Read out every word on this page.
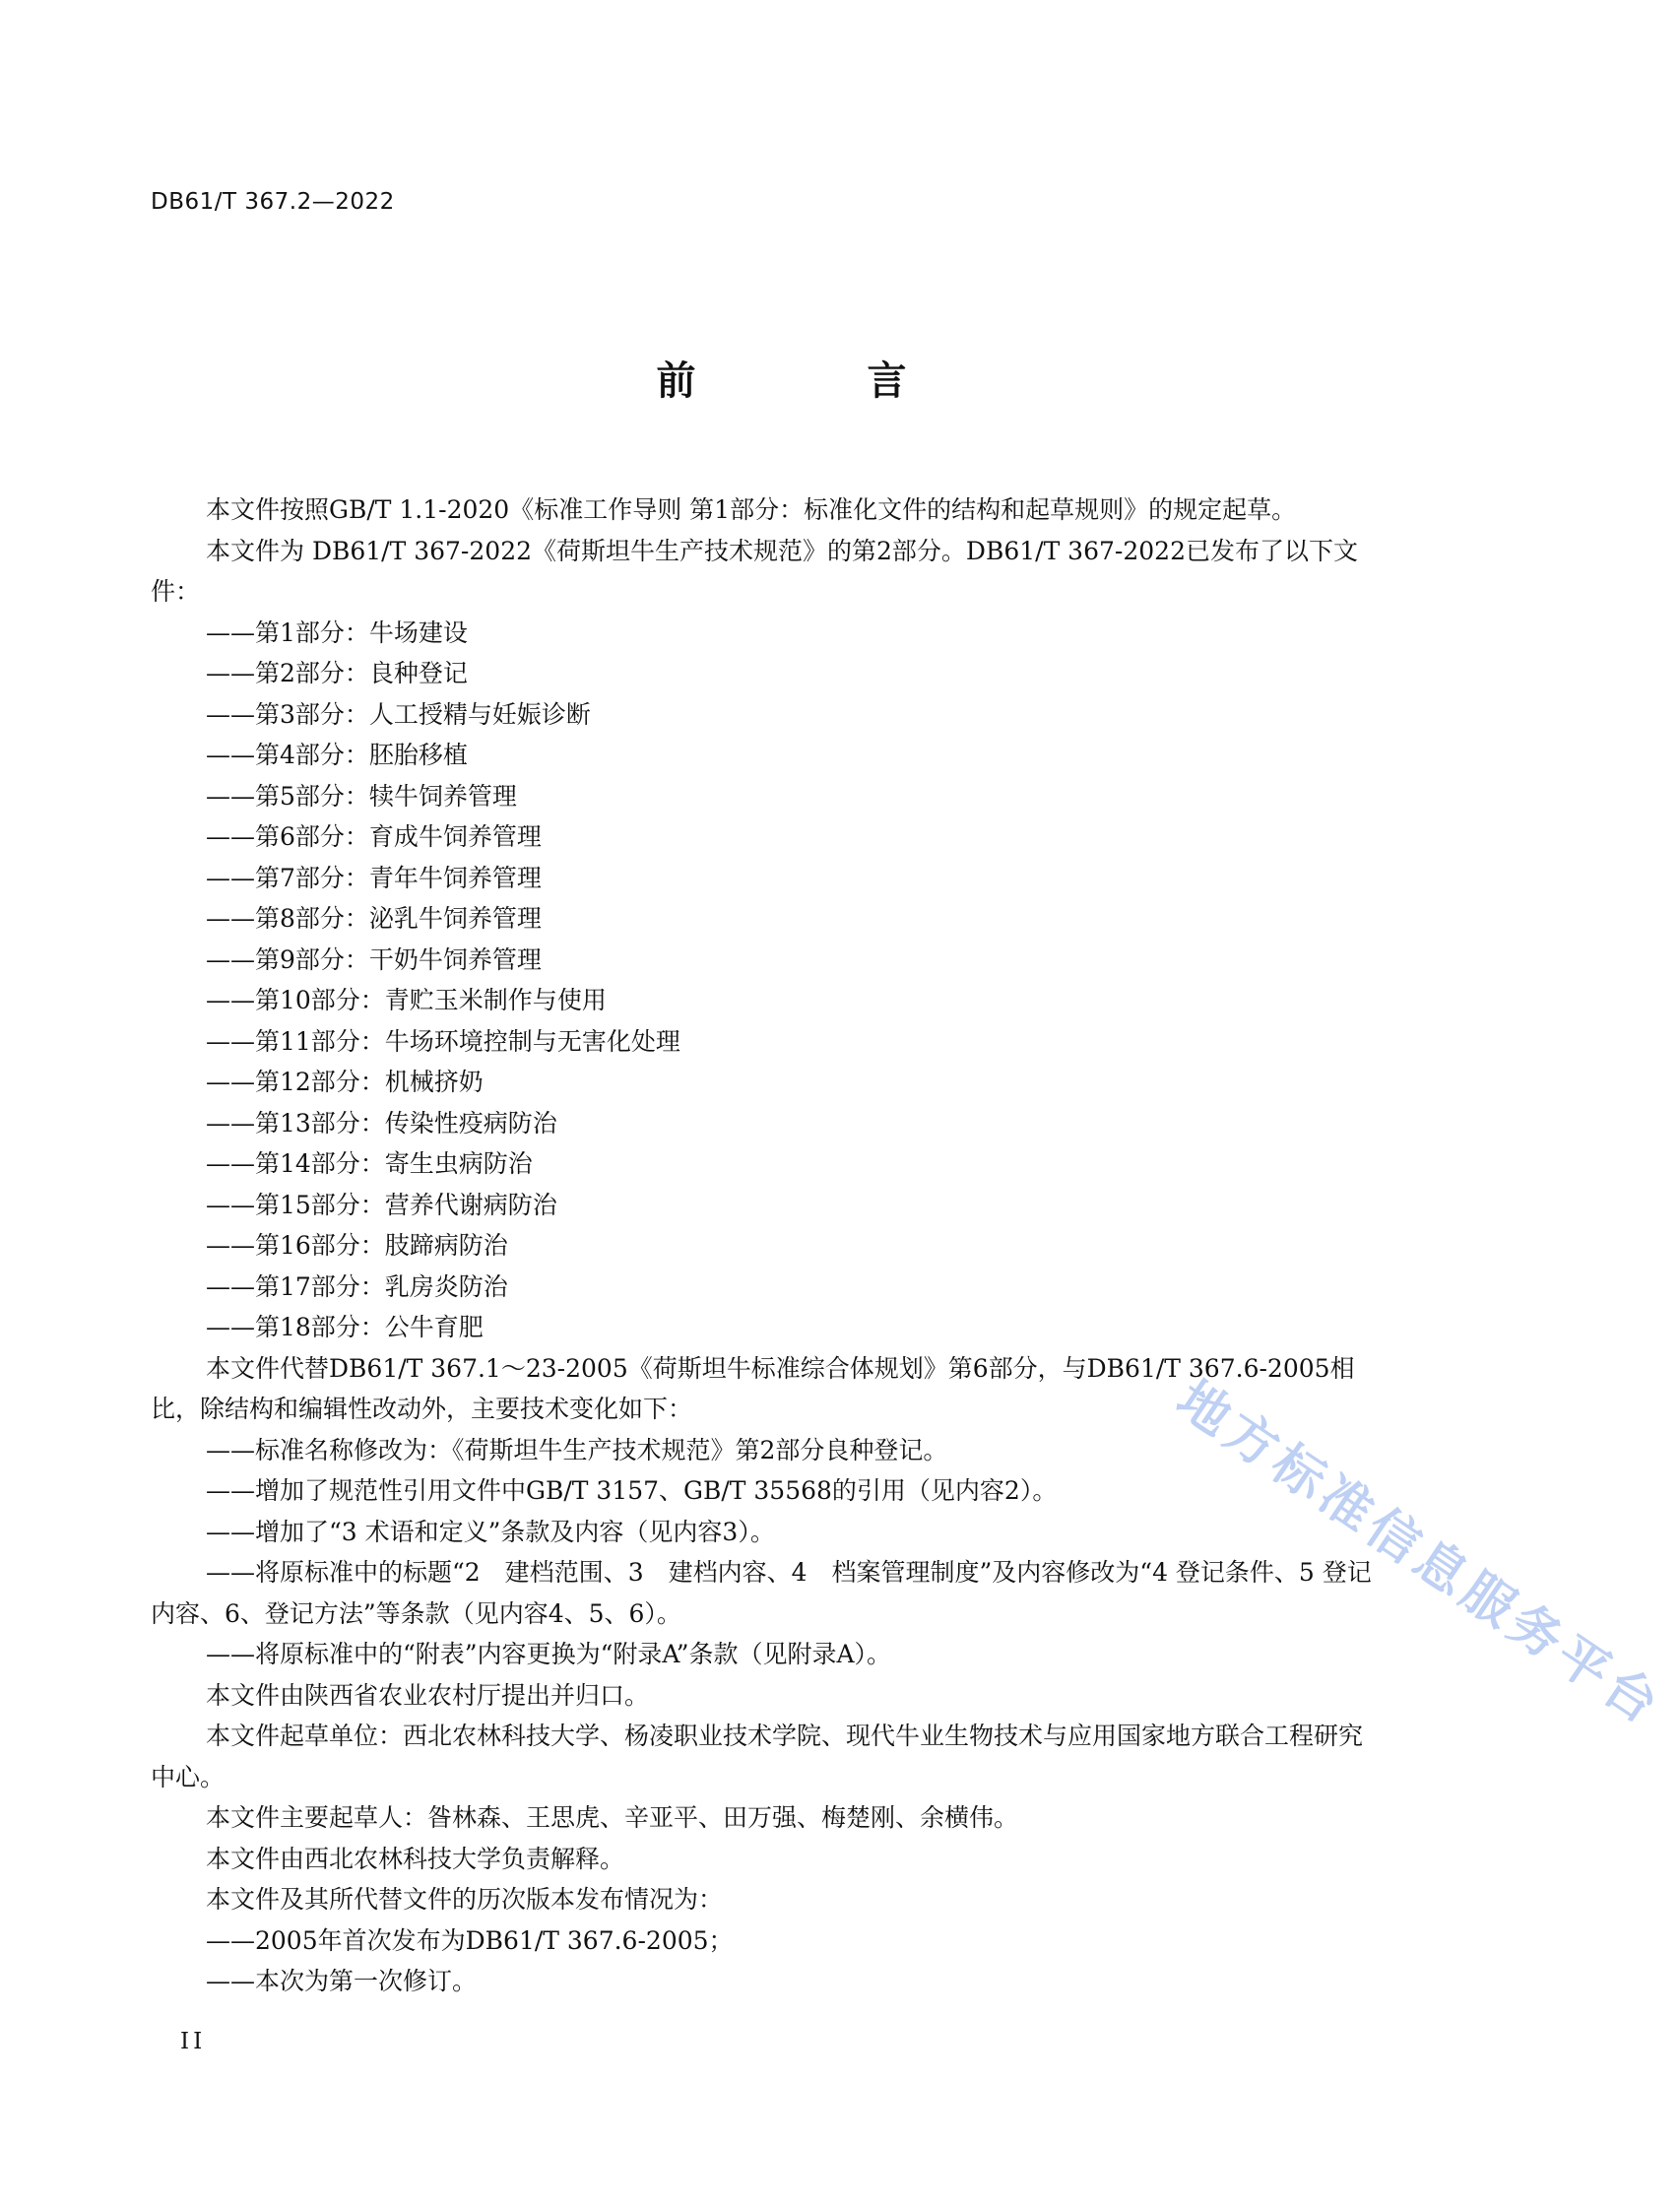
DB61/T 367.2—2022
前 言

本文件按照GB/T 1.1-2020《标准工作导则 第1部分：标准化文件的结构和起草规则》的规定起草。

本文件为 DB61/T 367-2022《荷斯坦牛生产技术规范》的第2部分。DB61/T 367-2022已发布了以下文件：

——第1部分：牛场建设

——第2部分：良种登记

——第3部分：人工授精与妊娠诊断

——第4部分：胚胎移植

——第5部分：犊牛饲养管理

——第6部分：育成牛饲养管理

——第7部分：青年牛饲养管理

——第8部分：泌乳牛饲养管理

——第9部分：干奶牛饲养管理

——第10部分：青贮玉米制作与使用

——第11部分：牛场环境控制与无害化处理

——第12部分：机械挤奶

——第13部分：传染性疫病防治

——第14部分：寄生虫病防治

——第15部分：营养代谢病防治

——第16部分：肢蹄病防治

——第17部分：乳房炎防治

——第18部分：公牛育肥

本文件代替DB61/T 367.1～23-2005《荷斯坦牛标准综合体规划》第6部分，与DB61/T 367.6-2005相比，除结构和编辑性改动外，主要技术变化如下：

——标准名称修改为：《荷斯坦牛生产技术规范》第2部分良种登记。

——增加了规范性引用文件中GB/T 3157、GB/T 35568的引用（见内容2）。

——增加了“3 术语和定义”条款及内容（见内容3）。

——将原标准中的标题“2　建档范围、3　建档内容、4　档案管理制度”及内容修改为“4 登记条件、5 登记内容、6、登记方法”等条款（见内容4、5、6）。

——将原标准中的“附表”内容更换为“附录A”条款（见附录A）。

本文件由陕西省农业农村厅提出并归口。

本文件起草单位：西北农林科技大学、杨凌职业技术学院、现代牛业生物技术与应用国家地方联合工程研究中心。

本文件主要起草人：昝林森、王思虎、辛亚平、田万强、梅楚刚、余横伟。

本文件由西北农林科技大学负责解释。

本文件及其所代替文件的历次版本发布情况为：

——2005年首次发布为DB61/T 367.6-2005；

——本次为第一次修订。

II
地方标准信息服务平台
